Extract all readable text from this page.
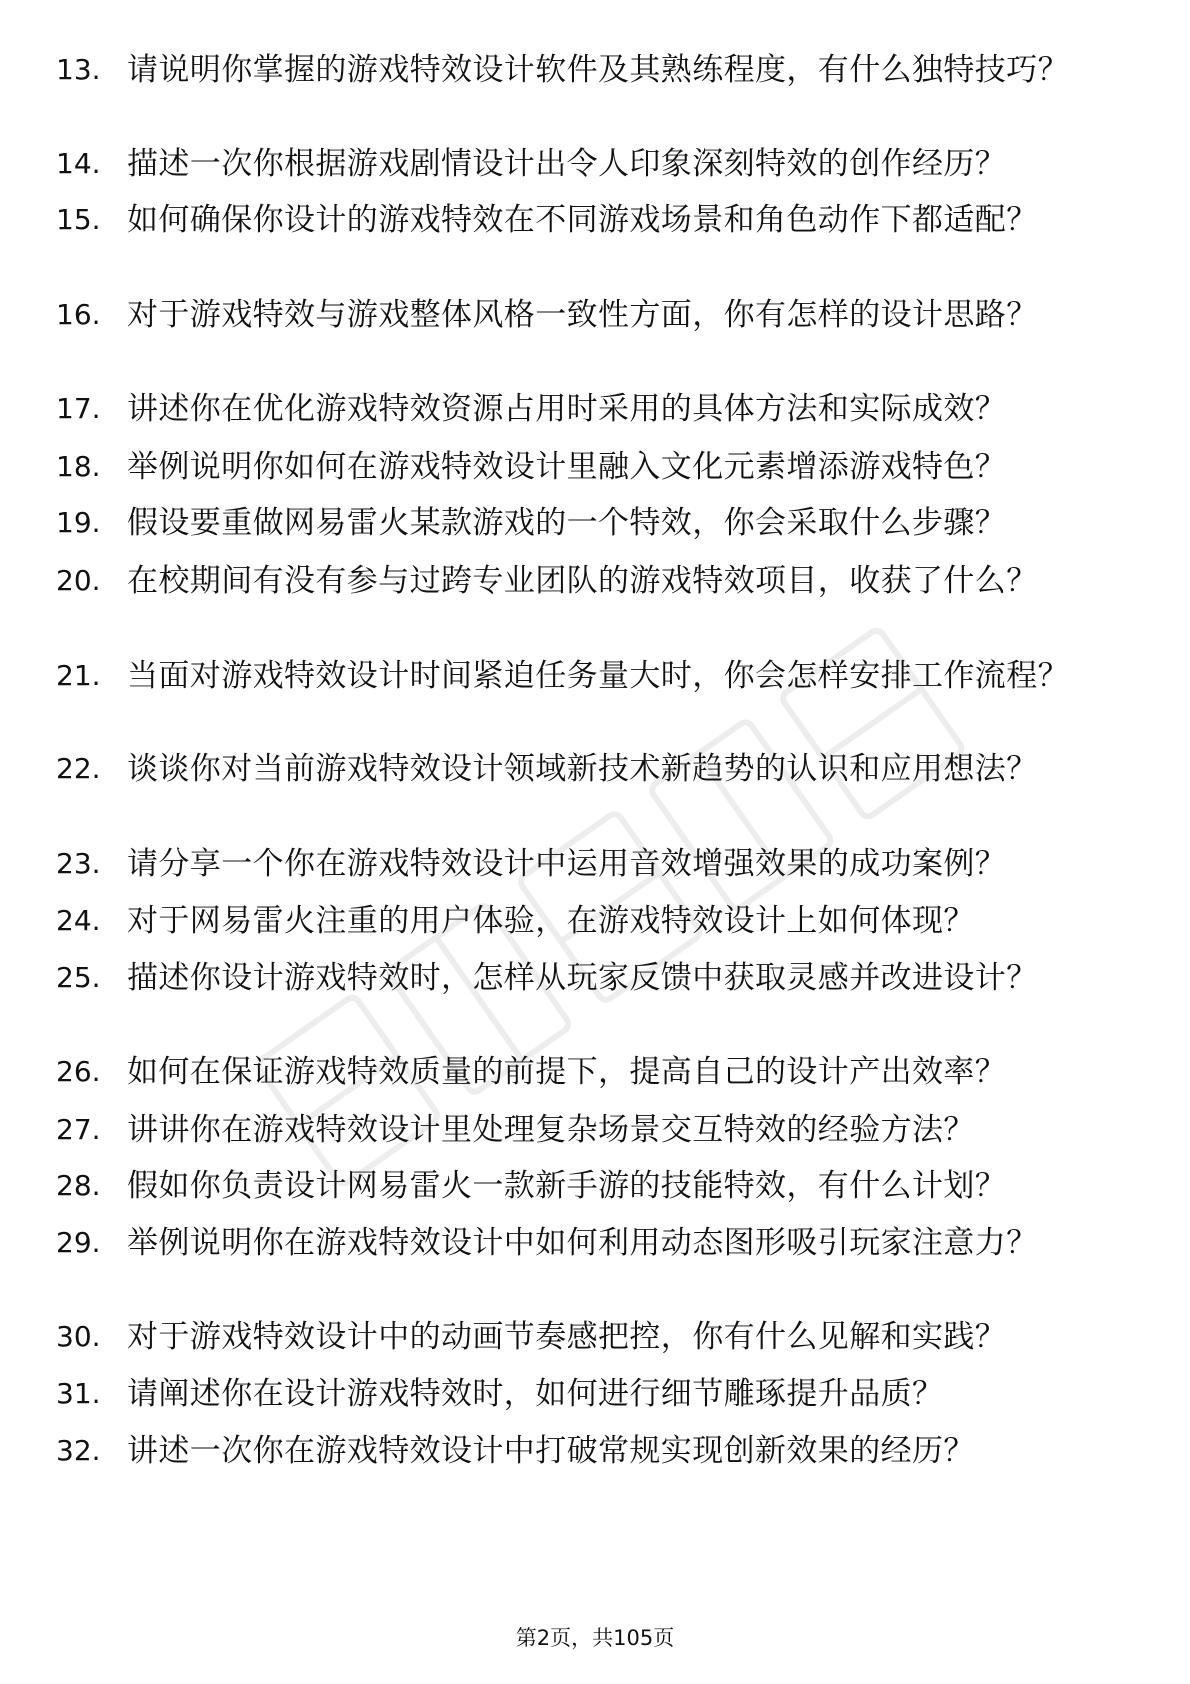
13. 请说明你掌握的游戏特效设计软件及其熟练程度，有什么独特技巧？
14. 描述一次你根据游戏剧情设计出令人印象深刻特效的创作经历？
15. 如何确保你设计的游戏特效在不同游戏场景和角色动作下都适配？
16. 对于游戏特效与游戏整体风格一致性方面，你有怎样的设计思路？
17. 讲述你在优化游戏特效资源占用时采用的具体方法和实际成效？
18. 举例说明你如何在游戏特效设计里融入文化元素增添游戏特色？
19. 假设要重做网易雷火某款游戏的一个特效，你会采取什么步骤？
20. 在校期间有没有参与过跨专业团队的游戏特效项目，收获了什么？
21. 当面对游戏特效设计时间紧迫任务量大时，你会怎样安排工作流程？
22. 谈谈你对当前游戏特效设计领域新技术新趋势的认识和应用想法？
23. 请分享一个你在游戏特效设计中运用音效增强效果的成功案例？
24. 对于网易雷火注重的用户体验，在游戏特效设计上如何体现？
25. 描述你设计游戏特效时，怎样从玩家反馈中获取灵感并改进设计？
26. 如何在保证游戏特效质量的前提下，提高自己的设计产出效率？
27. 讲讲你在游戏特效设计里处理复杂场景交互特效的经验方法？
28. 假如你负责设计网易雷火一款新手游的技能特效，有什么计划？
29. 举例说明你在游戏特效设计中如何利用动态图形吸引玩家注意力？
30. 对于游戏特效设计中的动画节奏感把控，你有什么见解和实践？
31. 请阐述你在设计游戏特效时，如何进行细节雕琢提升品质？
32. 讲述一次你在游戏特效设计中打破常规实现创新效果的经历？
第2页，共105页
